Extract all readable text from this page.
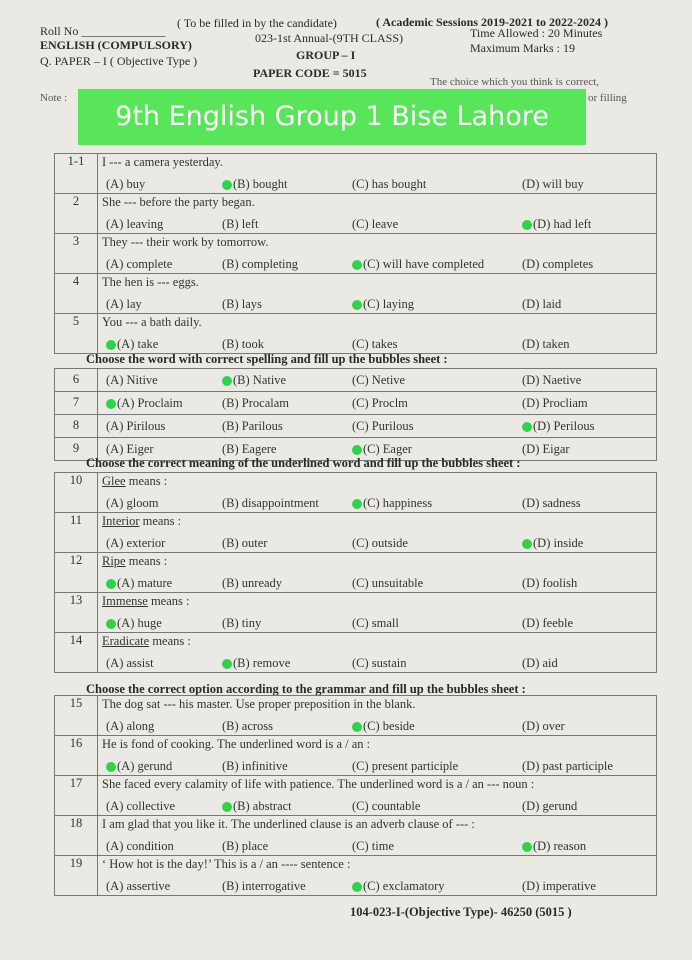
Roll No ______________
( To be filled in by the candidate)	( Academic Sessions 2019-2021 to 2022-2024 )
ENGLISH (COMPULSORY)	023-1st Annual-(9TH CLASS)	Time Allowed : 20 Minutes
Q. PAPER – I ( Objective Type )	GROUP – I	Maximum Marks : 19
PAPER CODE = 5015
Note :
The choice which you think is correct,
or filling
9th English Group 1 Bise Lahore
1-1	I --- a camera yesterday.
(A) buy (B) bought (C) has bought (D) will buy

2	She --- before the party began.
(A) leaving (B) left (C) leave (D) had left

3	They --- their work by tomorrow.
(A) complete (B) completing (C) will have completed (D) completes

4	The hen is --- eggs.
(A) lay (B) lays (C) laying (D) laid

5	You --- a bath daily.
(A) take (B) took (C) takes (D) taken
Choose the word with correct spelling and fill up the bubbles sheet :
6	(A) Nitive (B) Native (C) Netive (D) Naetive

7	(A) Proclaim (B) Procalam (C) Proclm (D) Procliam

8	(A) Pirilous (B) Parilous (C) Purilous (D) Perilous

9	(A) Eiger (B) Eagere (C) Eager (D) Eigar
Choose the correct meaning of the underlined word and fill up the bubbles sheet :
10	Glee means :
(A) gloom (B) disappointment (C) happiness (D) sadness

11	Interior means :
(A) exterior (B) outer (C) outside (D) inside

12	Ripe means :
(A) mature (B) unready (C) unsuitable (D) foolish

13	Immense means :
(A) huge (B) tiny (C) small (D) feeble

14	Eradicate means :
(A) assist (B) remove (C) sustain (D) aid
Choose the correct option according to the grammar and fill up the bubbles sheet :
15	The dog sat --- his master. Use proper preposition in the blank.
(A) along (B) across (C) beside (D) over

16	He is fond of cooking. The underlined word is a / an :
(A) gerund (B) infinitive (C) present participle (D) past participle

17	She faced every calamity of life with patience. The underlined word is a / an --- noun :
(A) collective (B) abstract (C) countable (D) gerund

18	I am glad that you like it. The underlined clause is an adverb clause of --- :
(A) condition (B) place (C) time (D) reason

19	‘ How hot is the day!’ This is a / an ---- sentence :
(A) assertive (B) interrogative (C) exclamatory (D) imperative
104-023-I-(Objective Type)- 46250 (5015 )
